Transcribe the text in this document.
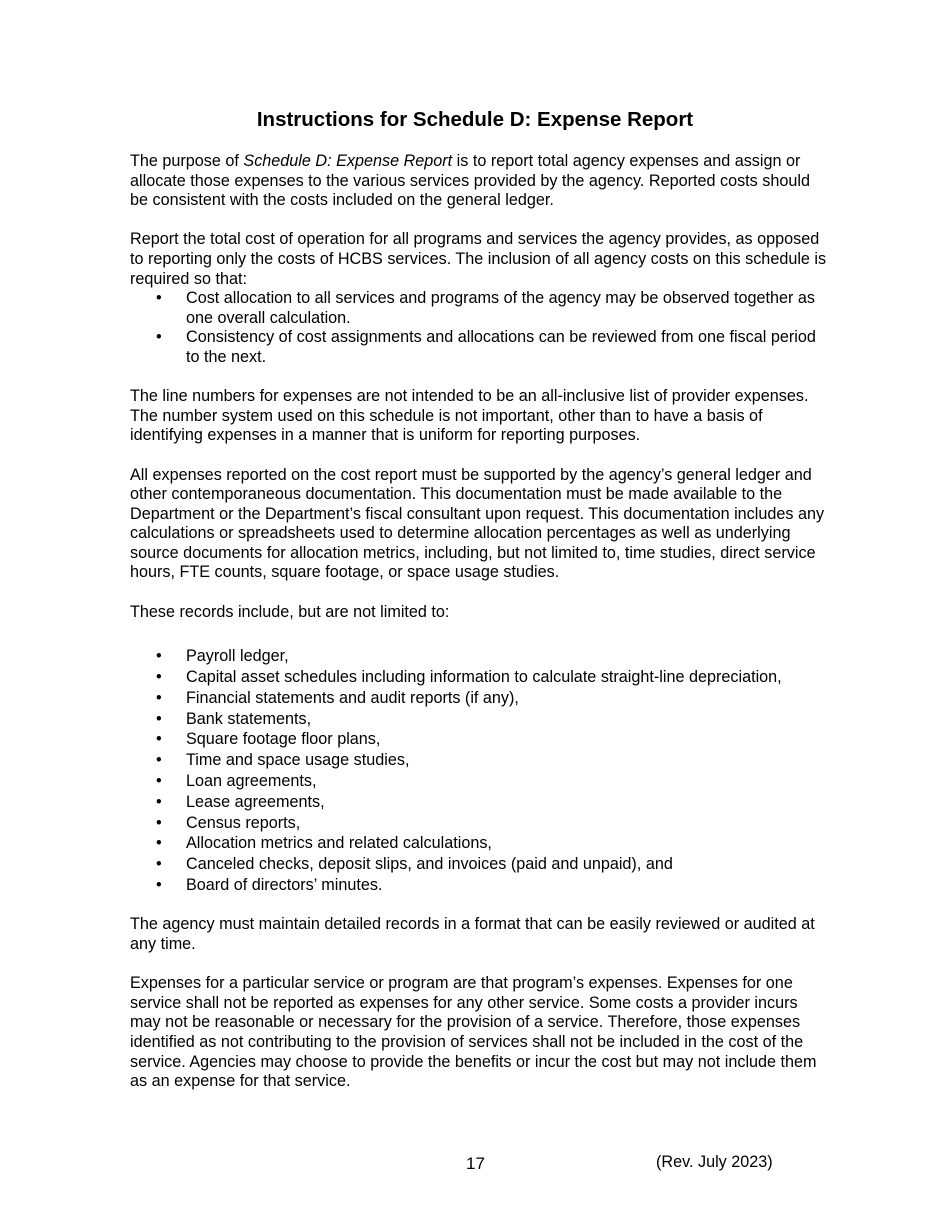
Instructions for Schedule D: Expense Report

The purpose of Schedule D: Expense Report is to report total agency expenses and assign or allocate those expenses to the various services provided by the agency. Reported costs should be consistent with the costs included on the general ledger.

Report the total cost of operation for all programs and services the agency provides, as opposed to reporting only the costs of HCBS services. The inclusion of all agency costs on this schedule is required so that:

• Cost allocation to all services and programs of the agency may be observed together as one overall calculation.
• Consistency of cost assignments and allocations can be reviewed from one fiscal period to the next.

The line numbers for expenses are not intended to be an all-inclusive list of provider expenses. The number system used on this schedule is not important, other than to have a basis of identifying expenses in a manner that is uniform for reporting purposes.

All expenses reported on the cost report must be supported by the agency’s general ledger and other contemporaneous documentation. This documentation must be made available to the Department or the Department’s fiscal consultant upon request. This documentation includes any calculations or spreadsheets used to determine allocation percentages as well as underlying source documents for allocation metrics, including, but not limited to, time studies, direct service hours, FTE counts, square footage, or space usage studies.

These records include, but are not limited to:

• Payroll ledger,
• Capital asset schedules including information to calculate straight-line depreciation,
• Financial statements and audit reports (if any),
• Bank statements,
• Square footage floor plans,
• Time and space usage studies,
• Loan agreements,
• Lease agreements,
• Census reports,
• Allocation metrics and related calculations,
• Canceled checks, deposit slips, and invoices (paid and unpaid), and
• Board of directors’ minutes.

The agency must maintain detailed records in a format that can be easily reviewed or audited at any time.

Expenses for a particular service or program are that program’s expenses. Expenses for one service shall not be reported as expenses for any other service. Some costs a provider incurs may not be reasonable or necessary for the provision of a service. Therefore, those expenses identified as not contributing to the provision of services shall not be included in the cost of the service. Agencies may choose to provide the benefits or incur the cost but may not include them as an expense for that service.

17	(Rev. July 2023)
